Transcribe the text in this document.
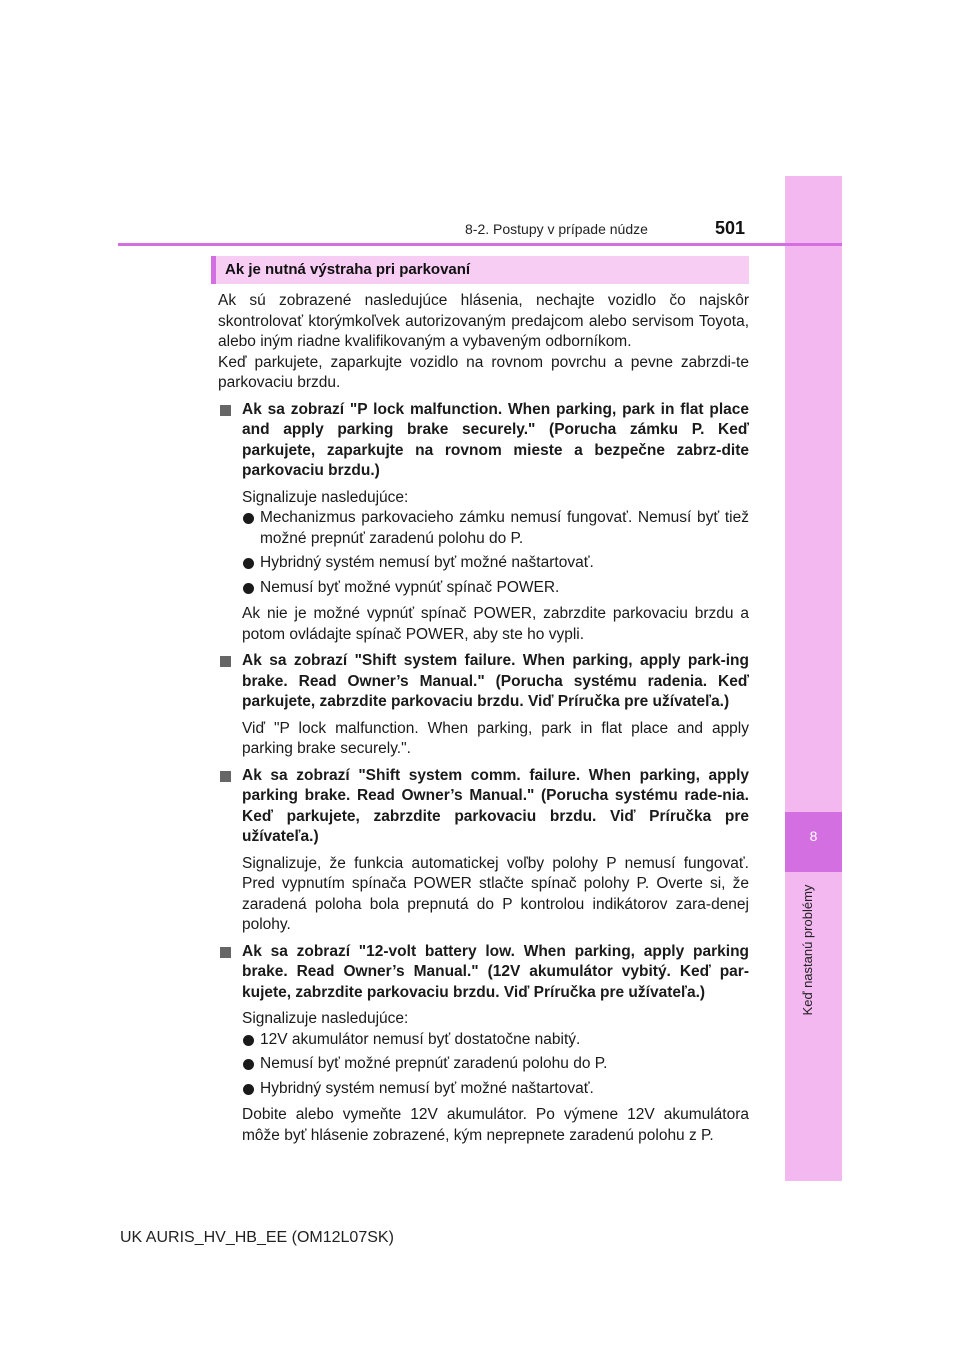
8
Keď nastanú problémy
8-2. Postupy v prípade núdze	501
Ak je nutná výstraha pri parkovaní

Ak sú zobrazené nasledujúce hlásenia, nechajte vozidlo čo najskôr skontrolovať ktorýmkoľvek autorizovaným predajcom alebo servisom Toyota, alebo iným riadne kvalifikovaným a vybaveným odborníkom.

Keď parkujete, zaparkujte vozidlo na rovnom povrchu a pevne zabrzdi-te parkovaciu brzdu.

Ak sa zobrazí "P lock malfunction. When parking, park in flat place and apply parking brake securely." (Porucha zámku P. Keď parkujete, zaparkujte na rovnom mieste a bezpečne zabrz-dite parkovaciu brzdu.)
Signalizuje nasledujúce:
Mechanizmus parkovacieho zámku nemusí fungovať. Nemusí byť tiež možné prepnúť zaradenú polohu do P.
Hybridný systém nemusí byť možné naštartovať.
Nemusí byť možné vypnúť spínač POWER.
Ak nie je možné vypnúť spínač POWER, zabrzdite parkovaciu brzdu a potom ovládajte spínač POWER, aby ste ho vypli.
Ak sa zobrazí "Shift system failure. When parking, apply park-ing brake. Read Owner’s Manual." (Porucha systému radenia. Keď parkujete, zabrzdite parkovaciu brzdu. Viď Príručka pre užívateľa.)
Viď "P lock malfunction. When parking, park in flat place and apply parking brake securely.".
Ak sa zobrazí "Shift system comm. failure. When parking, apply parking brake. Read Owner’s Manual." (Porucha systému rade-nia. Keď parkujete, zabrzdite parkovaciu brzdu. Viď Príručka pre užívateľa.)
Signalizuje, že funkcia automatickej voľby polohy P nemusí fungovať. Pred vypnutím spínača POWER stlačte spínač polohy P. Overte si, že zaradená poloha bola prepnutá do P kontrolou indikátorov zara-denej polohy.
Ak sa zobrazí "12-volt battery low. When parking, apply parking brake. Read Owner’s Manual." (12V akumulátor vybitý. Keď par-kujete, zabrzdite parkovaciu brzdu. Viď Príručka pre užívateľa.)
Signalizuje nasledujúce:
12V akumulátor nemusí byť dostatočne nabitý.
Nemusí byť možné prepnúť zaradenú polohu do P.
Hybridný systém nemusí byť možné naštartovať.
Dobite alebo vymeňte 12V akumulátor. Po výmene 12V akumulátora môže byť hlásenie zobrazené, kým neprepnete zaradenú polohu z P.
UK AURIS_HV_HB_EE (OM12L07SK)
